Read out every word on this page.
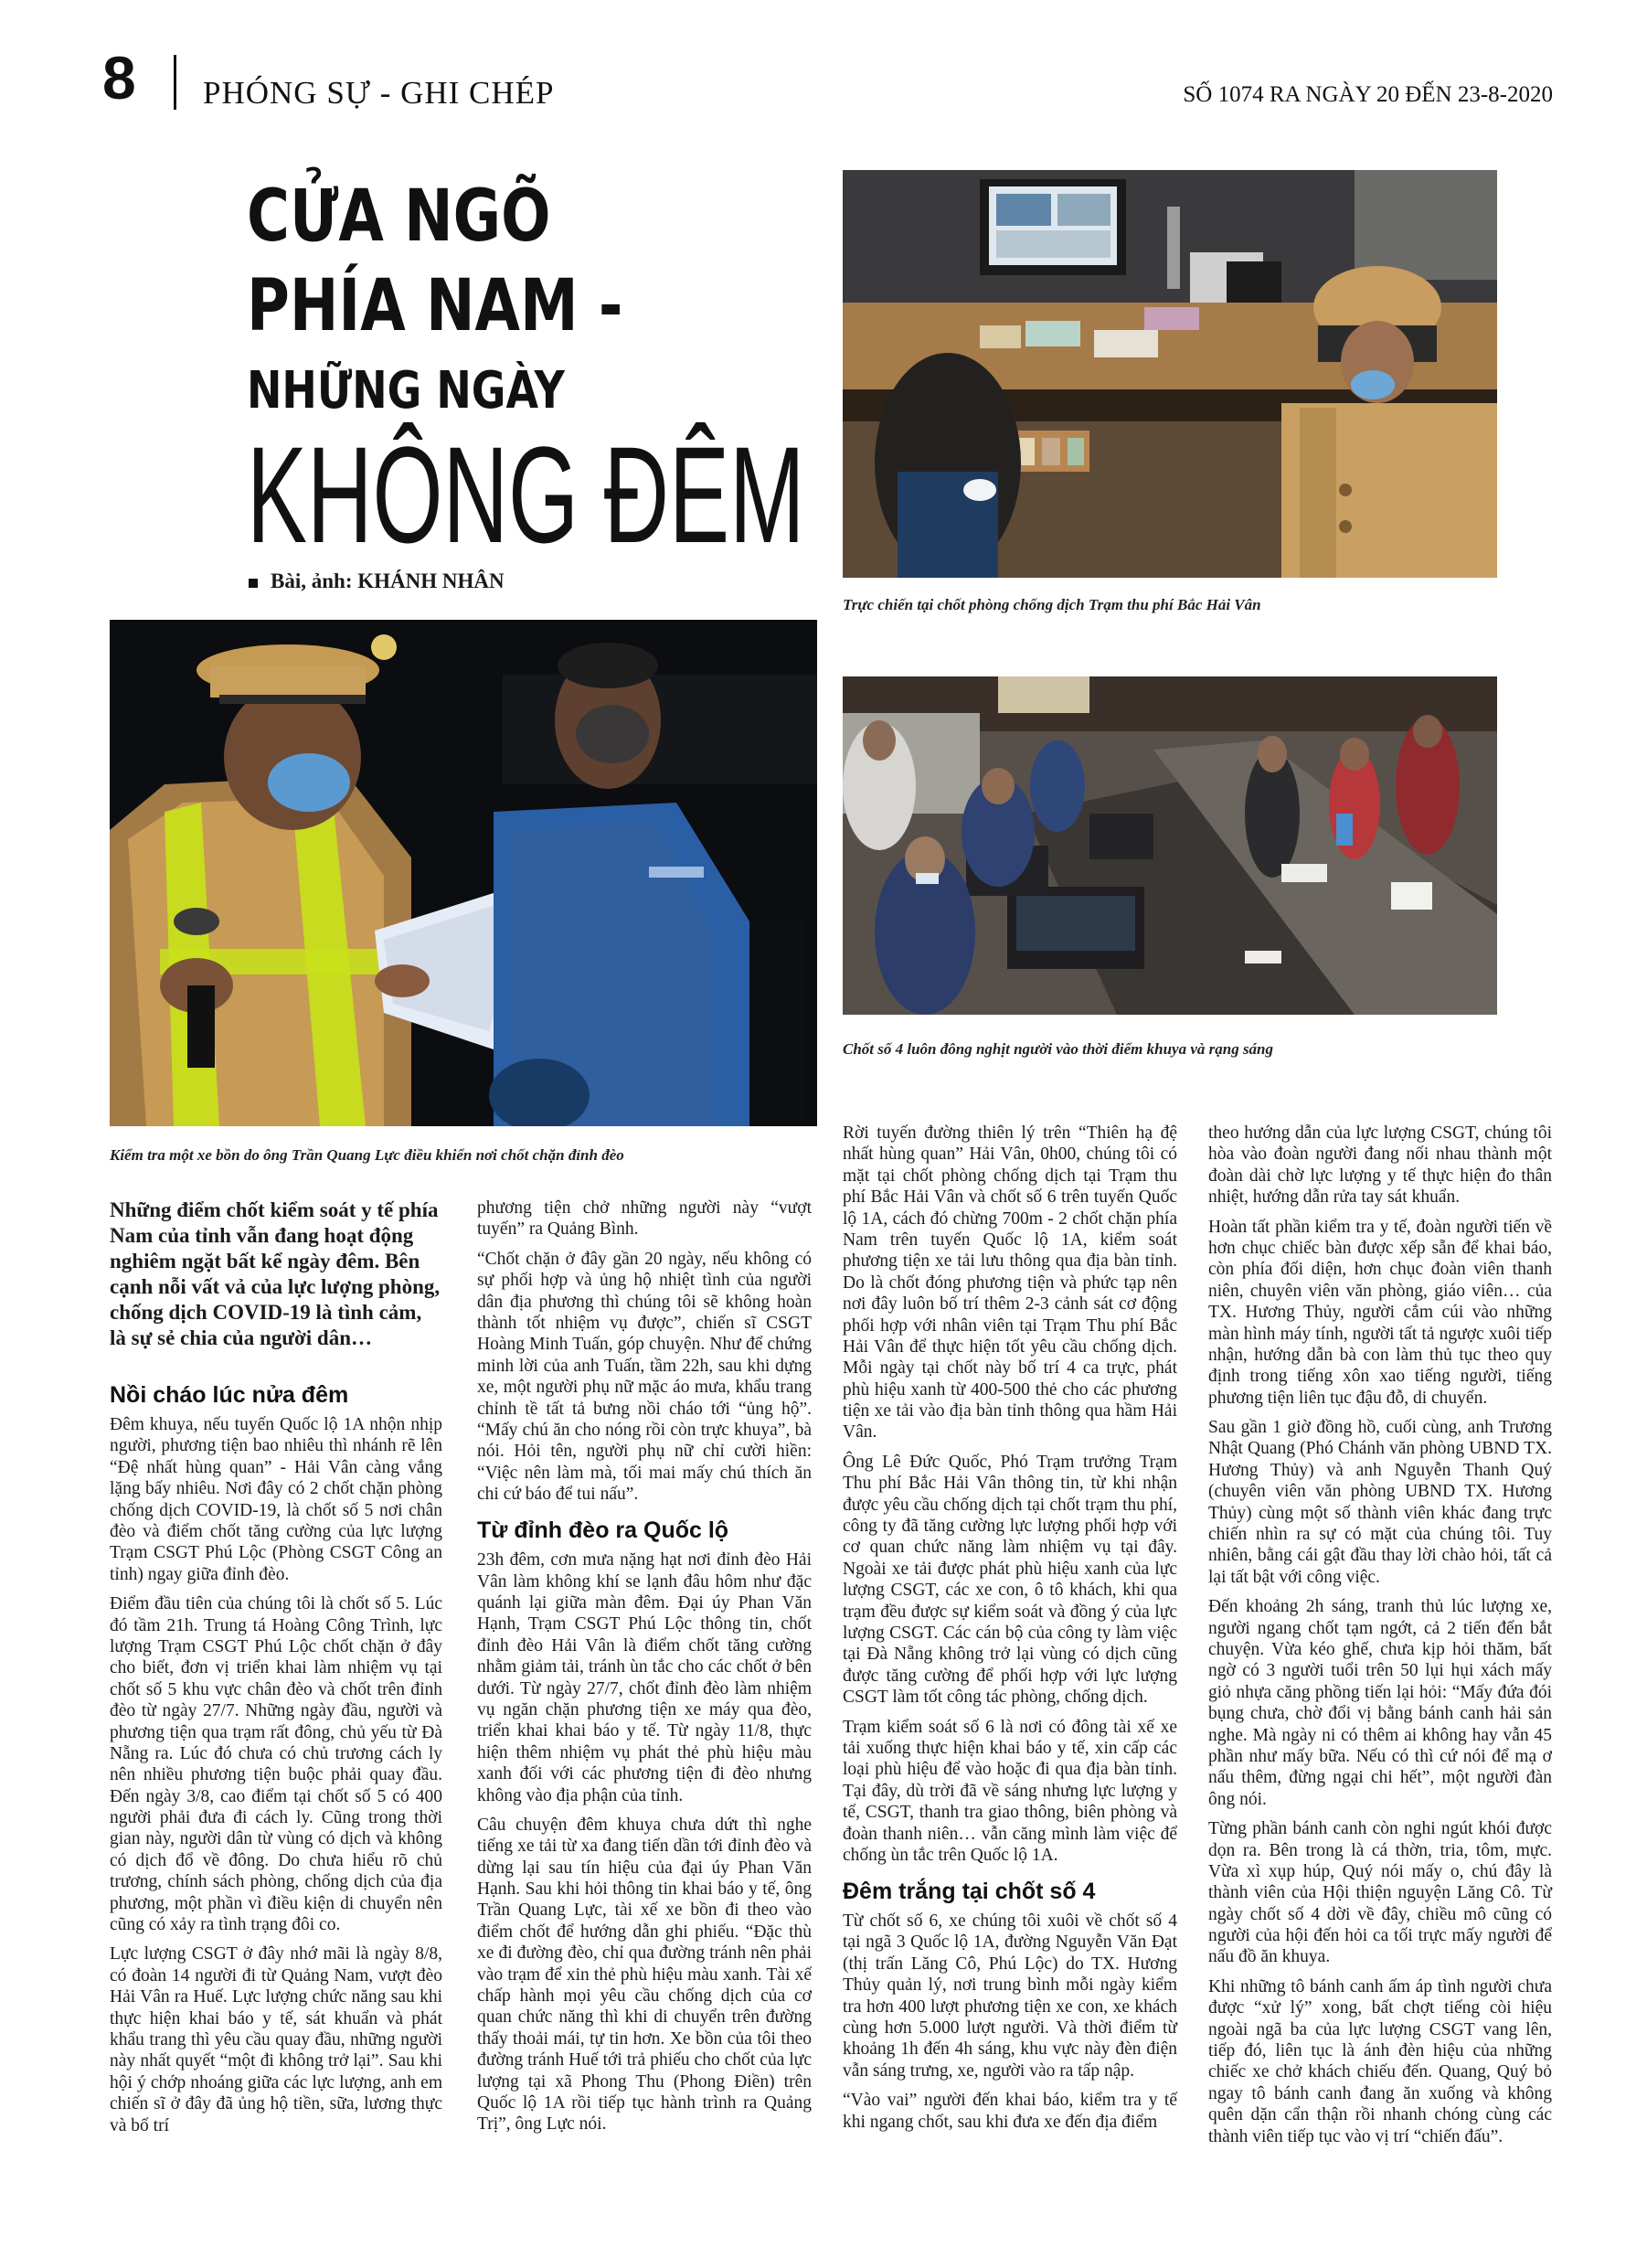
8 PHÓNG SỰ - GHI CHÉP	SỐ 1074 RA NGÀY 20 ĐẾN 23-8-2020
CỬA NGÕ
PHÍA NAM -
NHỮNG NGÀY
KHÔNG ĐÊM
Bài, ảnh: KHÁNH NHÂN
Trực chiến tại chốt phòng chống dịch Trạm thu phí Bắc Hải Vân
Chốt số 4 luôn đông nghịt người vào thời điểm khuya và rạng sáng
Kiểm tra một xe bồn do ông Trần Quang Lực điều khiển nơi chốt chặn đỉnh đèo
Những điểm chốt kiểm soát y tế phía Nam của tỉnh vẫn đang hoạt động nghiêm ngặt bất kể ngày đêm. Bên cạnh nỗi vất vả của lực lượng phòng, chống dịch COVID-19 là tình cảm, là sự sẻ chia của người dân…
Nồi cháo lúc nửa đêm

Đêm khuya, nếu tuyến Quốc lộ 1A nhộn nhịp người, phương tiện bao nhiêu thì nhánh rẽ lên “Đệ nhất hùng quan” - Hải Vân càng vắng lặng bấy nhiêu. Nơi đây có 2 chốt chặn phòng chống dịch COVID-19, là chốt số 5 nơi chân đèo và điểm chốt tăng cường của lực lượng Trạm CSGT Phú Lộc (Phòng CSGT Công an tỉnh) ngay giữa đỉnh đèo.

Điểm đầu tiên của chúng tôi là chốt số 5. Lúc đó tầm 21h. Trung tá Hoàng Công Trình, lực lượng Trạm CSGT Phú Lộc chốt chặn ở đây cho biết, đơn vị triển khai làm nhiệm vụ tại chốt số 5 khu vực chân đèo và chốt trên đỉnh đèo từ ngày 27/7. Những ngày đầu, người và phương tiện qua trạm rất đông, chủ yếu từ Đà Nẵng ra. Lúc đó chưa có chủ trương cách ly nên nhiều phương tiện buộc phải quay đầu. Đến ngày 3/8, cao điểm tại chốt số 5 có 400 người phải đưa đi cách ly. Cũng trong thời gian này, người dân từ vùng có dịch và không có dịch đổ về đông. Do chưa hiểu rõ chủ trương, chính sách phòng, chống dịch của địa phương, một phần vì điều kiện di chuyển nên cũng có xảy ra tình trạng đôi co.

Lực lượng CSGT ở đây nhớ mãi là ngày 8/8, có đoàn 14 người đi từ Quảng Nam, vượt đèo Hải Vân ra Huế. Lực lượng chức năng sau khi thực hiện khai báo y tế, sát khuẩn và phát khẩu trang thì yêu cầu quay đầu, những người này nhất quyết “một đi không trở lại”. Sau khi hội ý chớp nhoáng giữa các lực lượng, anh em chiến sĩ ở đây đã ủng hộ tiền, sữa, lương thực và bố trí

phương tiện chở những người này “vượt tuyến” ra Quảng Bình.

“Chốt chặn ở đây gần 20 ngày, nếu không có sự phối hợp và ủng hộ nhiệt tình của người dân địa phương thì chúng tôi sẽ không hoàn thành tốt nhiệm vụ được”, chiến sĩ CSGT Hoàng Minh Tuấn, góp chuyện. Như để chứng minh lời của anh Tuấn, tầm 22h, sau khi dựng xe, một người phụ nữ mặc áo mưa, khẩu trang chỉnh tề tất tả bưng nồi cháo tới “ủng hộ”. “Mấy chú ăn cho nóng rồi còn trực khuya”, bà nói. Hỏi tên, người phụ nữ chỉ cười hiền: “Việc nên làm mà, tối mai mấy chú thích ăn chi cứ báo để tui nấu”.

Từ đỉnh đèo ra Quốc lộ

23h đêm, cơn mưa nặng hạt nơi đỉnh đèo Hải Vân làm không khí se lạnh đâu hôm như đặc quánh lại giữa màn đêm. Đại úy Phan Văn Hạnh, Trạm CSGT Phú Lộc thông tin, chốt đỉnh đèo Hải Vân là điểm chốt tăng cường nhằm giảm tải, tránh ùn tắc cho các chốt ở bên dưới. Từ ngày 27/7, chốt đỉnh đèo làm nhiệm vụ ngăn chặn phương tiện xe máy qua đèo, triển khai khai báo y tế. Từ ngày 11/8, thực hiện thêm nhiệm vụ phát thẻ phù hiệu màu xanh đối với các phương tiện đi đèo nhưng không vào địa phận của tỉnh.

Câu chuyện đêm khuya chưa dứt thì nghe tiếng xe tải từ xa đang tiến dần tới đỉnh đèo và dừng lại sau tín hiệu của đại úy Phan Văn Hạnh. Sau khi hỏi thông tin khai báo y tế, ông Trần Quang Lực, tài xế xe bồn đi theo vào điểm chốt để hướng dẫn ghi phiếu. “Đặc thù xe đi đường đèo, chỉ qua đường tránh nên phải vào trạm để xin thẻ phù hiệu màu xanh. Tài xế chấp hành mọi yêu cầu chống dịch của cơ quan chức năng thì khi di chuyển trên đường thấy thoải mái, tự tin hơn. Xe bồn của tôi theo đường tránh Huế tới trả phiếu cho chốt của lực lượng tại xã Phong Thu (Phong Điền) trên Quốc lộ 1A rồi tiếp tục hành trình ra Quảng Trị”, ông Lực nói.

Rời tuyến đường thiên lý trên “Thiên hạ đệ nhất hùng quan” Hải Vân, 0h00, chúng tôi có mặt tại chốt phòng chống dịch tại Trạm thu phí Bắc Hải Vân và chốt số 6 trên tuyến Quốc lộ 1A, cách đó chừng 700m - 2 chốt chặn phía Nam trên tuyến Quốc lộ 1A, kiểm soát phương tiện xe tải lưu thông qua địa bàn tỉnh. Do là chốt đóng phương tiện và phức tạp nên nơi đây luôn bố trí thêm 2-3 cảnh sát cơ động phối hợp với nhân viên tại Trạm Thu phí Bắc Hải Vân để thực hiện tốt yêu cầu chống dịch. Mỗi ngày tại chốt này bố trí 4 ca trực, phát phù hiệu xanh từ 400-500 thẻ cho các phương tiện xe tải vào địa bàn tỉnh thông qua hầm Hải Vân.

Ông Lê Đức Quốc, Phó Trạm trưởng Trạm Thu phí Bắc Hải Vân thông tin, từ khi nhận được yêu cầu chống dịch tại chốt trạm thu phí, công ty đã tăng cường lực lượng phối hợp với cơ quan chức năng làm nhiệm vụ tại đây. Ngoài xe tải được phát phù hiệu xanh của lực lượng CSGT, các xe con, ô tô khách, khi qua trạm đều được sự kiểm soát và đồng ý của lực lượng CSGT. Các cán bộ của công ty làm việc tại Đà Nẵng không trở lại vùng có dịch cũng được tăng cường để phối hợp với lực lượng CSGT làm tốt công tác phòng, chống dịch.

Trạm kiểm soát số 6 là nơi có đông tài xế xe tải xuống thực hiện khai báo y tế, xin cấp các loại phù hiệu để vào hoặc đi qua địa bàn tỉnh. Tại đây, dù trời đã về sáng nhưng lực lượng y tế, CSGT, thanh tra giao thông, biên phòng và đoàn thanh niên… vẫn căng mình làm việc để chống ùn tắc trên Quốc lộ 1A.

Đêm trắng tại chốt số 4

Từ chốt số 6, xe chúng tôi xuôi về chốt số 4 tại ngã 3 Quốc lộ 1A, đường Nguyễn Văn Đạt (thị trấn Lăng Cô, Phú Lộc) do TX. Hương Thủy quản lý, nơi trung bình mỗi ngày kiểm tra hơn 400 lượt phương tiện xe con, xe khách cùng hơn 5.000 lượt người. Và thời điểm từ khoảng 1h đến 4h sáng, khu vực này đèn điện vẫn sáng trưng, xe, người vào ra tấp nập.

“Vào vai” người đến khai báo, kiểm tra y tế khi ngang chốt, sau khi đưa xe đến địa điểm

theo hướng dẫn của lực lượng CSGT, chúng tôi hòa vào đoàn người đang nối nhau thành một đoàn dài chờ lực lượng y tế thực hiện đo thân nhiệt, hướng dẫn rửa tay sát khuẩn.

Hoàn tất phần kiểm tra y tế, đoàn người tiến về hơn chục chiếc bàn được xếp sẵn để khai báo, còn phía đối diện, hơn chục đoàn viên thanh niên, chuyên viên văn phòng, giáo viên… của TX. Hương Thủy, người cắm cúi vào những màn hình máy tính, người tất tả ngược xuôi tiếp nhận, hướng dẫn bà con làm thủ tục theo quy định trong tiếng xôn xao tiếng người, tiếng phương tiện liên tục đậu đỗ, di chuyển.

Sau gần 1 giờ đồng hồ, cuối cùng, anh Trương Nhật Quang (Phó Chánh văn phòng UBND TX. Hương Thủy) và anh Nguyễn Thanh Quý (chuyên viên văn phòng UBND TX. Hương Thủy) cùng một số thành viên khác đang trực chiến nhìn ra sự có mặt của chúng tôi. Tuy nhiên, bằng cái gật đầu thay lời chào hỏi, tất cả lại tất bật với công việc.

Đến khoảng 2h sáng, tranh thủ lúc lượng xe, người ngang chốt tạm ngớt, cả 2 tiến đến bắt chuyện. Vừa kéo ghế, chưa kịp hỏi thăm, bất ngờ có 3 người tuổi trên 50 lụi hụi xách mấy giỏ nhựa căng phồng tiến lại hỏi: “Mấy đứa đói bụng chưa, chờ đổi vị bằng bánh canh hải sản nghe. Mà ngày ni có thêm ai không hay vẫn 45 phần như mấy bữa. Nếu có thì cứ nói để mạ ơ nấu thêm, đừng ngại chi hết”, một người đàn ông nói.

Từng phần bánh canh còn nghi ngút khói được dọn ra. Bên trong là cá thờn, tria, tôm, mực. Vừa xì xụp húp, Quý nói mấy o, chú đây là thành viên của Hội thiện nguyện Lăng Cô. Từ ngày chốt số 4 dời về đây, chiều mô cũng có người của hội đến hỏi ca tối trực mấy người để nấu đồ ăn khuya.

Khi những tô bánh canh ấm áp tình người chưa được “xử lý” xong, bất chợt tiếng còi hiệu ngoài ngã ba của lực lượng CSGT vang lên, tiếp đó, liên tục là ánh đèn hiệu của những chiếc xe chở khách chiếu đến. Quang, Quý bỏ ngay tô bánh canh đang ăn xuống và không quên dặn cẩn thận rồi nhanh chóng cùng các thành viên tiếp tục vào vị trí “chiến đấu”.
